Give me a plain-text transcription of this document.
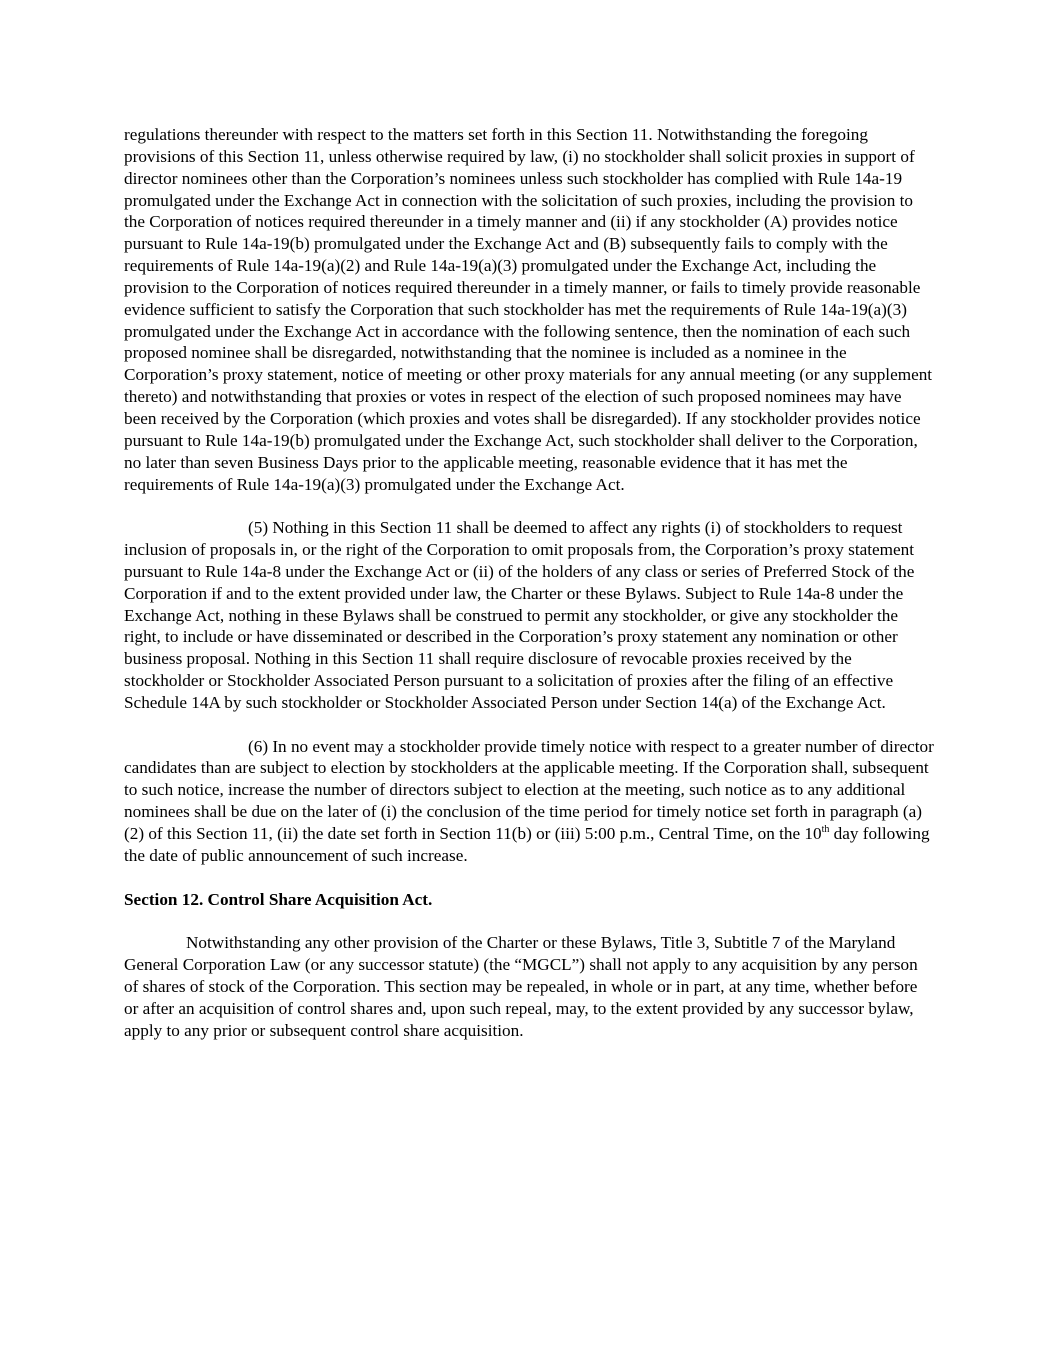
regulations thereunder with respect to the matters set forth in this Section 11. Notwithstanding the foregoing provisions of this Section 11, unless otherwise required by law, (i) no stockholder shall solicit proxies in support of director nominees other than the Corporation’s nominees unless such stockholder has complied with Rule 14a-19 promulgated under the Exchange Act in connection with the solicitation of such proxies, including the provision to the Corporation of notices required thereunder in a timely manner and (ii) if any stockholder (A) provides notice pursuant to Rule 14a-19(b) promulgated under the Exchange Act and (B) subsequently fails to comply with the requirements of Rule 14a-19(a)(2) and Rule 14a-19(a)(3) promulgated under the Exchange Act, including the provision to the Corporation of notices required thereunder in a timely manner, or fails to timely provide reasonable evidence sufficient to satisfy the Corporation that such stockholder has met the requirements of Rule 14a-19(a)(3) promulgated under the Exchange Act in accordance with the following sentence, then the nomination of each such proposed nominee shall be disregarded, notwithstanding that the nominee is included as a nominee in the Corporation’s proxy statement, notice of meeting or other proxy materials for any annual meeting (or any supplement thereto) and notwithstanding that proxies or votes in respect of the election of such proposed nominees may have been received by the Corporation (which proxies and votes shall be disregarded). If any stockholder provides notice pursuant to Rule 14a-19(b) promulgated under the Exchange Act, such stockholder shall deliver to the Corporation, no later than seven Business Days prior to the applicable meeting, reasonable evidence that it has met the requirements of Rule 14a-19(a)(3) promulgated under the Exchange Act.

(5) Nothing in this Section 11 shall be deemed to affect any rights (i) of stockholders to request inclusion of proposals in, or the right of the Corporation to omit proposals from, the Corporation’s proxy statement pursuant to Rule 14a-8 under the Exchange Act or (ii) of the holders of any class or series of Preferred Stock of the Corporation if and to the extent provided under law, the Charter or these Bylaws. Subject to Rule 14a-8 under the Exchange Act, nothing in these Bylaws shall be construed to permit any stockholder, or give any stockholder the right, to include or have disseminated or described in the Corporation’s proxy statement any nomination or other business proposal. Nothing in this Section 11 shall require disclosure of revocable proxies received by the stockholder or Stockholder Associated Person pursuant to a solicitation of proxies after the filing of an effective Schedule 14A by such stockholder or Stockholder Associated Person under Section 14(a) of the Exchange Act.

(6) In no event may a stockholder provide timely notice with respect to a greater number of director candidates than are subject to election by stockholders at the applicable meeting. If the Corporation shall, subsequent to such notice, increase the number of directors subject to election at the meeting, such notice as to any additional nominees shall be due on the later of (i) the conclusion of the time period for timely notice set forth in paragraph (a)(2) of this Section 11, (ii) the date set forth in Section 11(b) or (iii) 5:00 p.m., Central Time, on the 10th day following the date of public announcement of such increase.

Section 12. Control Share Acquisition Act.

Notwithstanding any other provision of the Charter or these Bylaws, Title 3, Subtitle 7 of the Maryland General Corporation Law (or any successor statute) (the “MGCL”) shall not apply to any acquisition by any person of shares of stock of the Corporation. This section may be repealed, in whole or in part, at any time, whether before or after an acquisition of control shares and, upon such repeal, may, to the extent provided by any successor bylaw, apply to any prior or subsequent control share acquisition.
